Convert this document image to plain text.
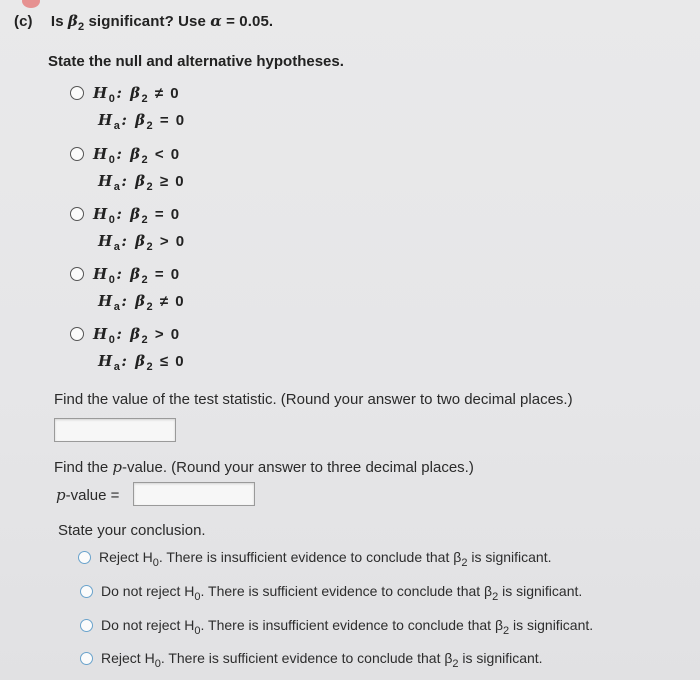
(c) Is $\beta_2$ significant? Use α = 0.05.
State the null and alternative hypotheses.
$H_0$: $\beta_2 \ne 0$
$H_a$: $\beta_2 = 0$
$H_0$: $\beta_2 < 0$
$H_a$: $\beta_2 \ge 0$
$H_0$: $\beta_2 = 0$
$H_a$: $\beta_2 > 0$
$H_0$: $\beta_2 = 0$
$H_a$: $\beta_2 \ne 0$
$H_0$: $\beta_2 > 0$
$H_a$: $\beta_2 \le 0$
Find the value of the test statistic. (Round your answer to two decimal places.)
Find the p-value. (Round your answer to three decimal places.)
p-value =
State your conclusion.
Reject $H_0$. There is insufficient evidence to conclude that $\beta_2$ is significant.
Do not reject $H_0$. There is sufficient evidence to conclude that $\beta_2$ is significant.
Do not reject $H_0$. There is insufficient evidence to conclude that $\beta_2$ is significant.
Reject $H_0$. There is sufficient evidence to conclude that $\beta_2$ is significant.
